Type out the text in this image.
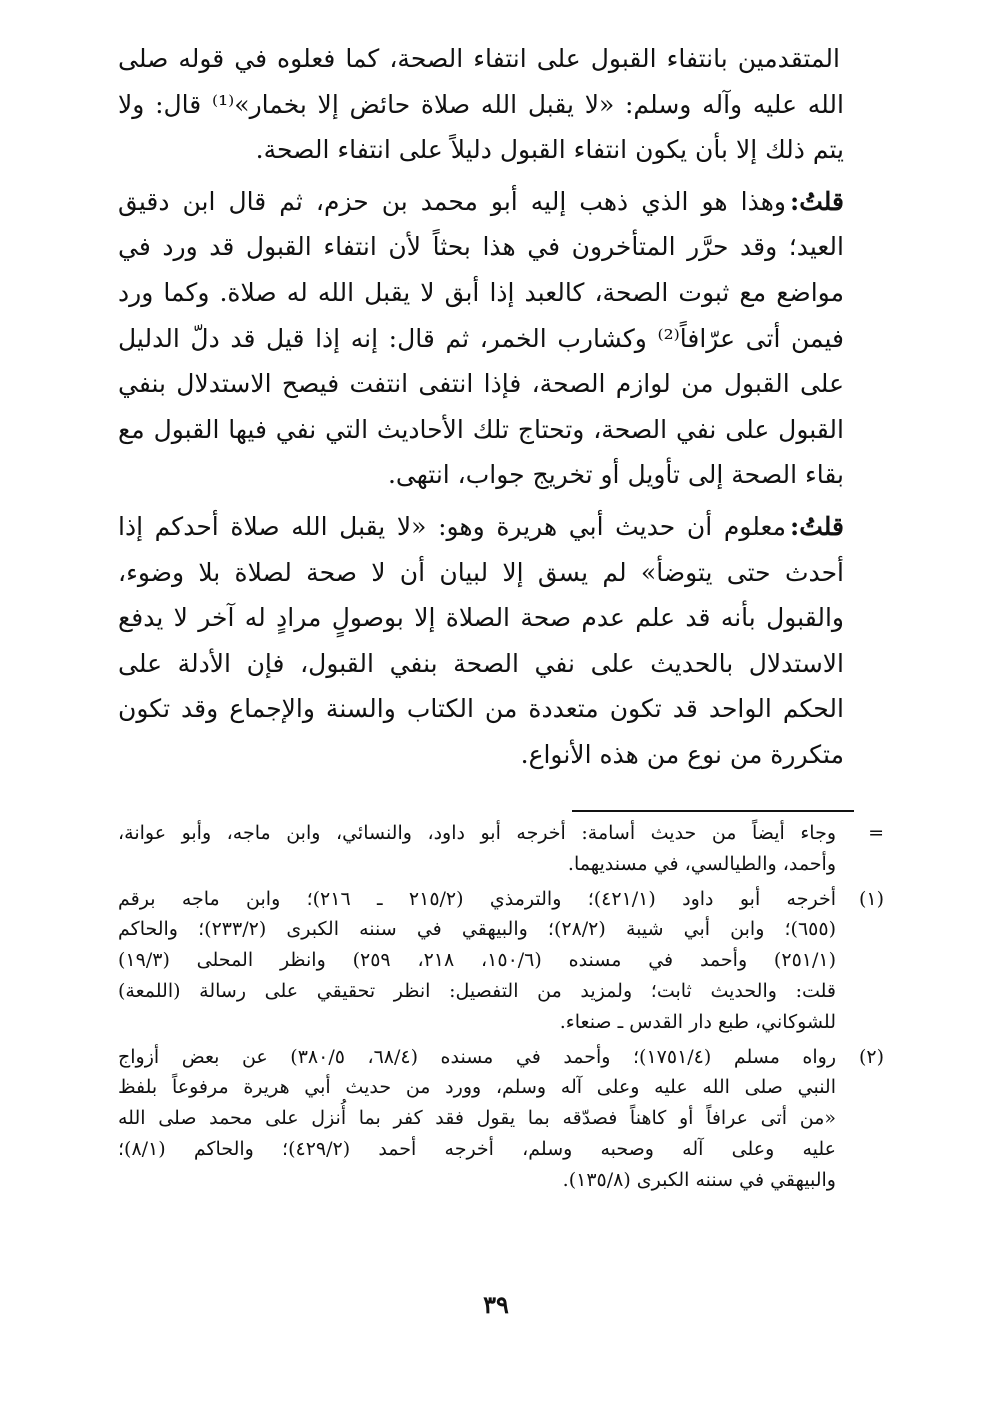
المتقدمين بانتفاء القبول على انتفاء الصحة، كما فعلوه في قوله صلى الله عليه وآله وسلم: «لا يقبل الله صلاة حائض إلا بخمار»⁽¹⁾ قال: ولا يتم ذلك إلا بأن يكون انتفاء القبول دليلاً على انتفاء الصحة.

قلتُ:وهذا هو الذي ذهب إليه أبو محمد بن حزم، ثم قال ابن دقيق العيد؛ وقد حرَّر المتأخرون في هذا بحثاً لأن انتفاء القبول قد ورد في مواضع مع ثبوت الصحة، كالعبد إذا أبق لا يقبل الله له صلاة. وكما ورد فيمن أتى عرّافاً⁽²⁾ وكشارب الخمر، ثم قال: إنه إذا قيل قد دلّ الدليل على القبول من لوازم الصحة، فإذا انتفى انتفت فيصح الاستدلال بنفي القبول على نفي الصحة، وتحتاج تلك الأحاديث التي نفي فيها القبول مع بقاء الصحة إلى تأويل أو تخريج جواب، انتهى.

قلتُ:معلوم أن حديث أبي هريرة وهو: «لا يقبل الله صلاة أحدكم إذا أحدث حتى يتوضأ» لم يسق إلا لبيان أن لا صحة لصلاة بلا وضوء، والقبول بأنه قد علم عدم صحة الصلاة إلا بوصولٍ مرادٍ له آخر لا يدفع الاستدلال بالحديث على نفي الصحة بنفي القبول، فإن الأدلة على الحكم الواحد قد تكون متعددة من الكتاب والسنة والإجماع وقد تكون متكررة من نوع من هذه الأنواع.

=
وجاء أيضاً من حديث أسامة: أخرجه أبو داود، والنسائي، وابن ماجه، وأبو عوانة،
وأحمد، والطيالسي، في مسنديهما.
(١)
أخرجه أبو داود (٤٢١/١)؛ والترمذي (٢١٥/٢ ـ ٢١٦)؛ وابن ماجه برقم
(٦٥٥)؛ وابن أبي شيبة (٢٨/٢)؛ والبيهقي في سننه الكبرى (٢٣٣/٢)؛ والحاكم
(٢٥١/١) وأحمد في مسنده (١٥٠/٦، ٢١٨، ٢٥٩) وانظر المحلى (١٩/٣)
قلت: والحديث ثابت؛ ولمزيد من التفصيل: انظر تحقيقي على رسالة (اللمعة)
للشوكاني، طبع دار القدس ـ صنعاء.
(٢)
رواه مسلم (١٧٥١/٤)؛ وأحمد في مسنده (٦٨/٤، ٣٨٠/٥) عن بعض أزواج
النبي صلى الله عليه وعلى آله وسلم، وورد من حديث أبي هريرة مرفوعاً بلفظ
«من أتى عرافاً أو كاهناً فصدّقه بما يقول فقد كفر بما أُنزل على محمد صلى الله
عليه وعلى آله وصحبه وسلم، أخرجه أحمد (٤٢٩/٢)؛ والحاكم (٨/١)؛
والبيهقي في سننه الكبرى (١٣٥/٨).
٣٩
